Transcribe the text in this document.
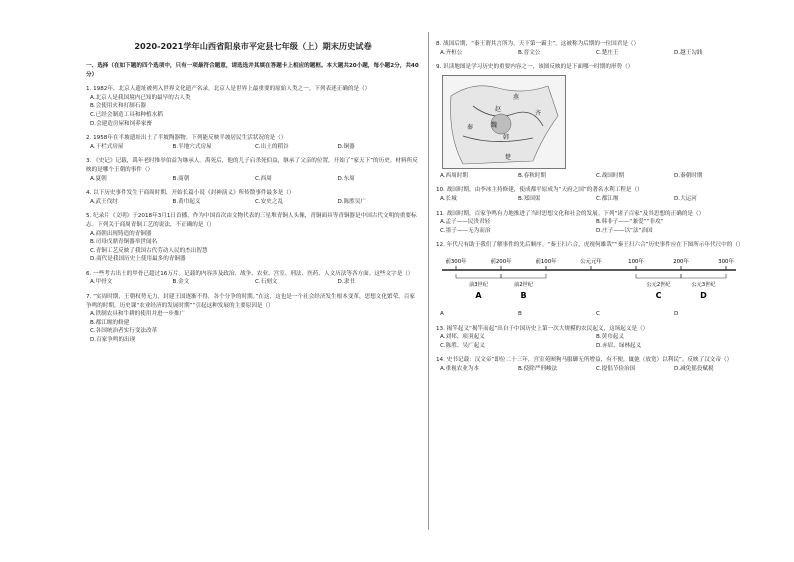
2020-2021学年山西省阳泉市平定县七年级（上）期末历史试卷
一、选择（在如下题的四个选项中，只有一项最符合题意，请选选并其填在答题卡上相应的题框。本大题共20小题，每小题2分，共40分）
1. 1982年，北京人遗址被列入世界文化遗产名录。北京人是世界上最重要的原始人类之一。下列表述正确的是（）
A.北京人是我国境内已知的最早的古人类
B.会使用火和打制石器
C.已经会制造工具和种植水稻
D.会建造房屋和饲养家畜
2. 1958年在半坡遗址出土了半坡陶器物。下列能反映半坡居民生活状况的是（）
A.干栏式房屋	B.半地穴式房屋	C.出土的稻谷	D.铜器
3. 《史记》记载，禹年老时推举伯益为继承人。禹死后，他的儿子启杀死伯益，继承了父亲的位置，开始了“家天下”的历史。材料所反映的是哪个王朝的事件（）
A.夏朝	B.商朝	C.西周	D.东周
4. 以下历史事件发生于商周时期，开始长篇小说《封神演义》所传散事件最多是（）
A.武王伐纣	B.黄巾起义	C.安史之乱	D.陈胜吴广
5. 纪录片《文明》于2018年3月1日首播，作为中国首次由文物代表的三星堆青铜人头像，青铜面具等青铜器是中国古代文明的重要标志。下列关于商周青铜工艺的说法，不正确的是（）
A.商朝出现铸造的青铜器
B.司母戊鼎青铜器举世闻名
C.青铜工艺反映了我国古代劳动人民的杰出智慧
D.商代是我国历史上使用最多的青铜器
6. 一些考古出土的甲骨已超过16万片。记载的内容涉及政治、战争、农业、宫室、刑法、医药、人文历法等各方面。这些文字是（）
A.甲骨文	B.金文	C.石刻文	D.隶书
7. “实周时期，王朝权势无力，封建王国逐渐不得，各个分争的时期。”在这，这也是一个社会经济发生根本变革，思想文化繁荣，百家争鸣的时期。历史课“农业经济的发展时期”“引起这种发展的主要原因是（）
A.铁制农具和牛耕的使用并进一步推广
B.都江堰的修建
C.各国统治者实行变法改革
D.百家争鸣的出现
8. 战国后期，“秦王谓其言所为，天下第一霸主”。这被称为后期的一位国君是（）
A.齐桓公	B.晋文公	C.楚庄王	D.越王勾践
9. 识读地图是学习历史的重要内容之一，该图反映的是下面哪一时期的形势（）
燕
赵
齐
魏
韩
秦
楚
A.西周时期	B.春秋时期	C.战国时期	D.秦朝时期
10. 战国时期，由李冰主持修建，使成都平原成为“天府之国”的著名水利工程是（）
A.长城	B.郑国渠	C.都江堰	D.大运河
11. 战国时期，百家争鸣有力地推进了当时思想文化和社会的发展。下列“诸子百家”及其思想的正确的是（）
A.孟子——民贵君轻	B.韩非子——“兼爱”“非攻”
C.墨子——无为而治	D.庄子——以“法”治国
12. 年代尺有助于我们了解事件的先后顺序。“秦王扫六合，虎视何雄哉”“秦王扫六合”历史事件应在下图所示年代尺中的（）
前300年	前200年	前100年	公元元年	100年	200年	300年
前3世纪
A
前2世纪
B
公元2世纪
C
公元3世纪
D
A	B	C	D
13. 揭竿起义“揭竿而起”出自于中国历史上第一次大规模的农民起义，这场起义是（）
A.刘邦、项羽起义	B.黄巾起义
C.陈胜、吴广起义	D.赤眉、绿林起义
14. 史书记载：汉文帝“即位二十三年，宫室苑囿狗马服御无所增益，有不便，辄弛（放宽）以利民”。反映了汉文帝（）
A.重视农业为本	B.使除严刑峻法	C.提倡节俭治国	D.减免徭役赋税
